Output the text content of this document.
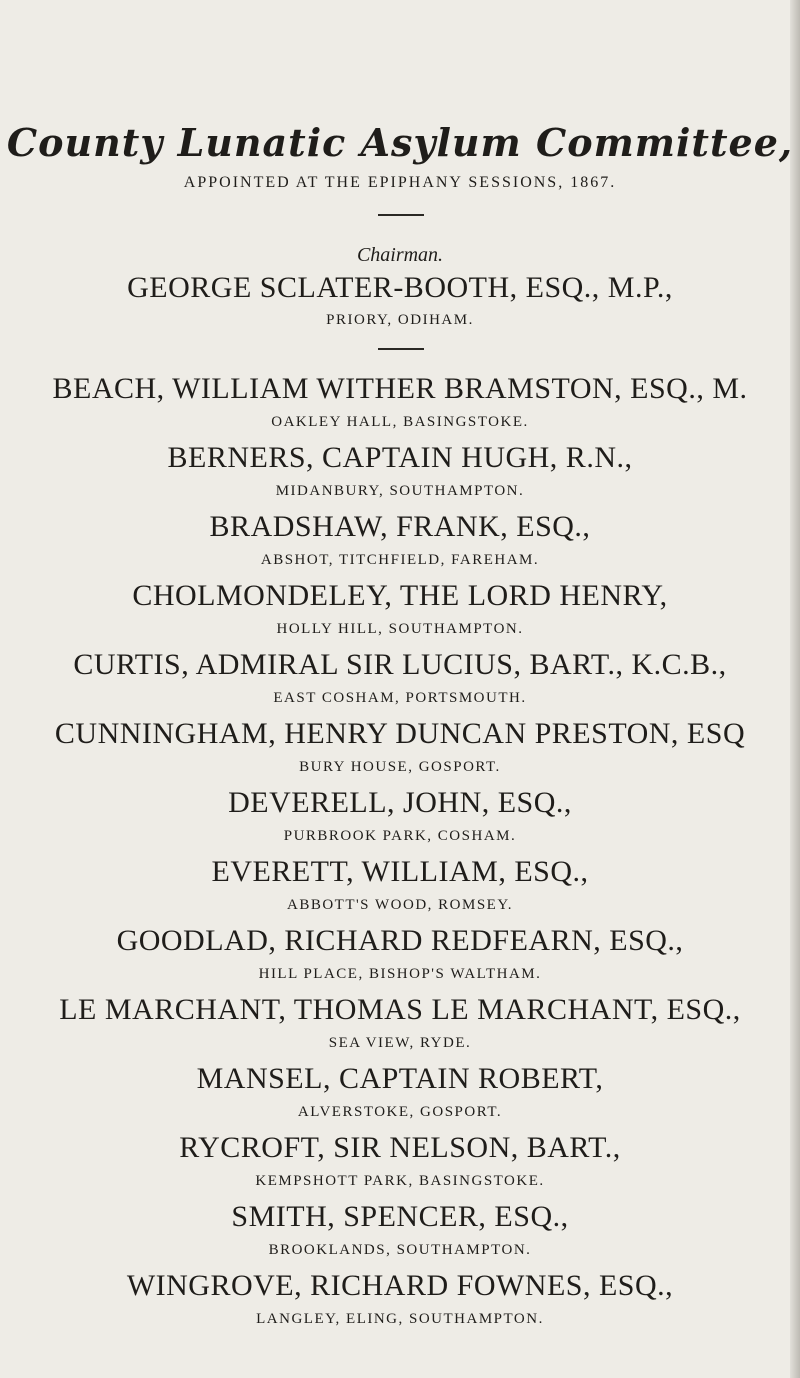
County Lunatic Asylum Committee,
APPOINTED AT THE EPIPHANY SESSIONS, 1867.
Chairman.
GEORGE SCLATER-BOOTH, ESQ., M.P.,
PRIORY, ODIHAM.
BEACH, WILLIAM WITHER BRAMSTON, ESQ., M.
OAKLEY HALL, BASINGSTOKE.
BERNERS, CAPTAIN HUGH, R.N.,
MIDANBURY, SOUTHAMPTON.
BRADSHAW, FRANK, ESQ.,
ABSHOT, TITCHFIELD, FAREHAM.
CHOLMONDELEY, THE LORD HENRY,
HOLLY HILL, SOUTHAMPTON.
CURTIS, ADMIRAL SIR LUCIUS, BART., K.C.B.,
EAST COSHAM, PORTSMOUTH.
CUNNINGHAM, HENRY DUNCAN PRESTON, ESQ
BURY HOUSE, GOSPORT.
DEVERELL, JOHN, ESQ.,
PURBROOK PARK, COSHAM.
EVERETT, WILLIAM, ESQ.,
ABBOTT'S WOOD, ROMSEY.
GOODLAD, RICHARD REDFEARN, ESQ.,
HILL PLACE, BISHOP'S WALTHAM.
LE MARCHANT, THOMAS LE MARCHANT, ESQ.,
SEA VIEW, RYDE.
MANSEL, CAPTAIN ROBERT,
ALVERSTOKE, GOSPORT.
RYCROFT, SIR NELSON, BART.,
KEMPSHOTT PARK, BASINGSTOKE.
SMITH, SPENCER, ESQ.,
BROOKLANDS, SOUTHAMPTON.
WINGROVE, RICHARD FOWNES, ESQ.,
LANGLEY, ELING, SOUTHAMPTON.
